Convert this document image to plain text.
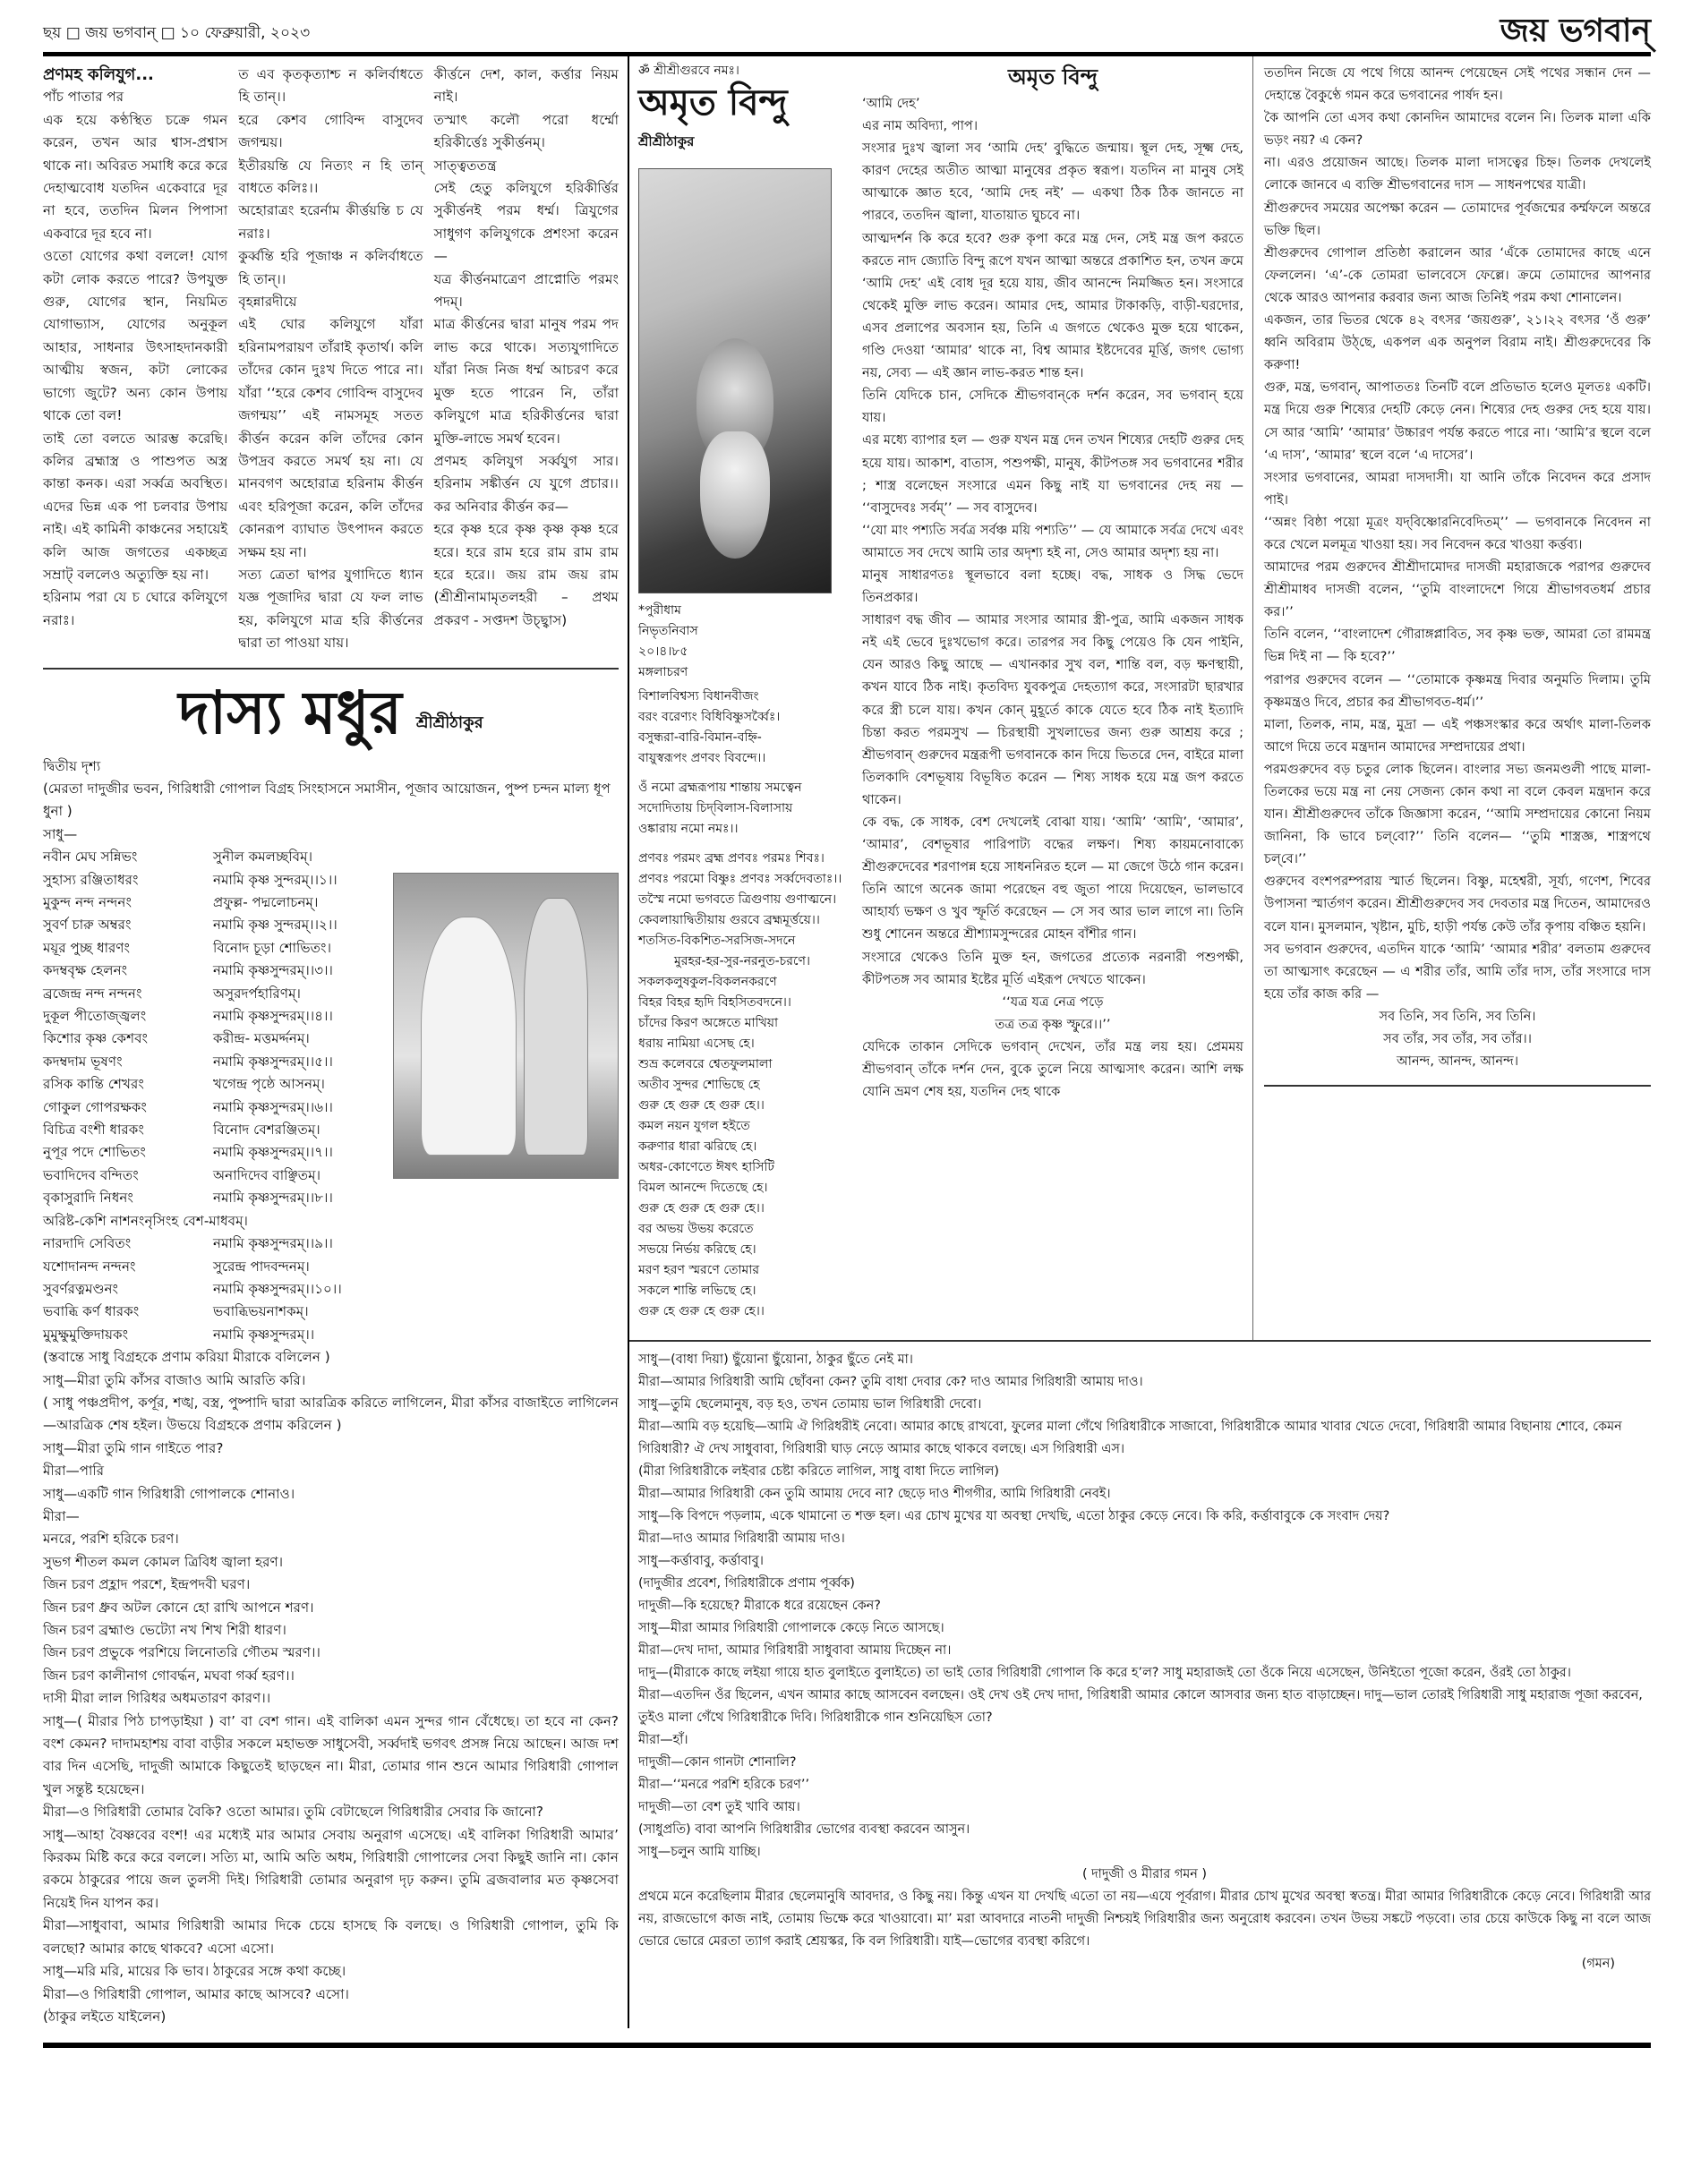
ছয় □ জয় ভগবান্ □ ১০ ফেব্রুয়ারী, ২০২৩	জয় ভগবান্

প্রণমহ কলিযুগ...

পাঁচ পাতার পর

এক হয়ে কণ্ঠস্থিত চক্রে গমন করেন, তখন আর শ্বাস-প্রশ্বাস থাকে না। অবিরত সমাধি করে করে দেহাত্মবোধ যতদিন একেবারে দূর না হবে, ততদিন মিলন পিপাসা একবারে দূর হবে না।

ওতো যোগের কথা বললে! যোগ কটা লোক করতে পারে? উপযুক্ত গুরু, যোগের স্থান, নিয়মিত যোগাভ্যাস, যোগের অনুকূল আহার, সাধনার উৎসাহদানকারী আত্মীয় স্বজন, কটা লোকের ভাগ্যে জুটে? অন্য কোন উপায় থাকে তো বল!

তাই তো বলতে আরম্ভ করেছি। কলির ব্রহ্মাস্ত্র ও পাশুপত অস্ত্র কান্তা কনক। এরা সর্ব্বত্র অবস্থিত। এদের ভিন্ন এক পা চলবার উপায় নাই। এই কামিনী কাঞ্চনের সহায়েই কলি আজ জগতের একচ্ছত্র সম্রাট্ বললেও অত্যুক্তি হয় না।

হরিনাম পরা যে চ ঘোরে কলিযুগে নরাঃ।

ত এব কৃতকৃত্যাশ্চ ন কলির্বাধতে হি তান্।।

হরে কেশব গোবিন্দ বাসুদেব জগন্ময়।

ইতীরয়ন্তি যে নিত্যং ন হি তান্ বাধতে কলিঃ।।

অহোরাত্রং হরের্নাম কীর্ত্তয়ন্তি চ যে নরাঃ।

কুর্ব্বন্তি হরি পূজাঞ্চ ন কলির্বাধতে হি তান্।।

বৃহন্নারদীয়ে

এই ঘোর কলিযুগে যাঁরা হরিনামপরায়ণ তাঁরাই কৃতার্থ। কলি তাঁদের কোন দুঃখ দিতে পারে না। যাঁরা ‘‘হরে কেশব গোবিন্দ বাসুদেব জগন্ময়’’ এই নামসমূহ সতত কীর্ত্তন করেন কলি তাঁদের কোন উপদ্রব করতে সমর্থ হয় না। যে মানবগণ অহোরাত্র হরিনাম কীর্ত্তন এবং হরিপূজা করেন, কলি তাঁদের কোনরূপ ব্যাঘাত উৎপাদন করতে সক্ষম হয় না।

সত্য ত্রেতা দ্বাপর যুগাদিতে ধ্যান যজ্ঞ পূজাদির দ্বারা যে ফল লাভ হয়, কলিযুগে মাত্র হরি কীর্ত্তনের দ্বারা তা পাওয়া যায়।

কীর্ত্তনে দেশ, কাল, কর্ত্তার নিয়ম নাই।

তস্মাৎ কলৌ পরো ধর্ম্মো হরিকীর্ত্তেঃ সুকীর্ত্তনম্।

সাত্ত্বততন্ত্র

সেই হেতু কলিযুগে হরিকীর্ত্তির সুকীর্ত্তনই পরম ধর্ম্ম। ত্রিযুগের সাধুগণ কলিযুগকে প্রশংসা করেন—

যত্র কীর্ত্তনমাত্রেণ প্রাপ্নোতি পরমং পদম্।

মাত্র কীর্ত্তনের দ্বারা মানুষ পরম পদ লাভ করে থাকে। সত্যযুগাদিতে যাঁরা নিজ নিজ ধর্ম্ম আচরণ করে মুক্ত হতে পারেন নি, তাঁরা কলিযুগে মাত্র হরিকীর্ত্তনের দ্বারা মুক্তি-লাভে সমর্থ হবেন।

প্রণমহ কলিযুগ সর্ব্বযুগ সার। হরিনাম সঙ্কীর্ত্তন যে যুগে প্রচার।। কর অনিবার কীর্ত্তন কর—

হরে কৃষ্ণ হরে কৃষ্ণ কৃষ্ণ কৃষ্ণ হরে হরে। হরে রাম হরে রাম রাম রাম হরে হরে।। জয় রাম জয় রাম (শ্রীশ্রীনামামৃতলহরী – প্রথম প্রকরণ - সপ্তদশ উচ্ছ্বাস)

দাস্য মধুর শ্রীশ্রীঠাকুর
দ্বিতীয় দৃশ্য
(মেরতা দাদুজীর ভবন, গিরিধারী গোপাল বিগ্রহ সিংহাসনে সমাসীন, পূজাব আয়োজন, পুষ্প চন্দন মাল্য ধূপ ধুনা )
সাধু—
নবীন মেঘ সন্নিভং	সুনীল কমলচ্ছবিম্।
সুহাস্য রঞ্জিতাধরং	নমামি কৃষ্ণ সুন্দরম্।।১।।
মুকুন্দ নন্দ নন্দনং	প্রফুল্ল- পদ্মলোচনম্।
সুবর্ণ চারু অম্বরং	নমামি কৃষ্ণ সুন্দরম্।।২।।
ময়ূর পুচ্ছ ধারণং	বিনোদ চূড়া শোভিতং।
কদম্ববৃক্ষ হেলনং	নমামি কৃষ্ণসুন্দরম্।।৩।।
ব্রজেন্দ্র নন্দ নন্দনং	অসুরদর্পহারিণম্।
দুকূল পীতোজ্জ্বলং	নমামি কৃষ্ণসুন্দরম্।।৪।।
কিশোর কৃষ্ণ কেশবং	করীন্দ্র- মত্তমর্দ্দনম্।
কদম্বদাম ভূষণং	নমামি কৃষ্ণসুন্দরম্।।৫।।
রসিক কান্তি শেখরং	খগেন্দ্র পৃষ্ঠে আসনম্।
গোকুল গোপরক্ষকং	নমামি কৃষ্ণসুন্দরম্।।৬।।
বিচিত্র বংশী ধারকং	বিনোদ বেশরঞ্জিতম্।
নুপূর পদে শোভিতং	নমামি কৃষ্ণসুন্দরম্।।৭।।
ভবাদিদেব বন্দিতং	অনাদিদেব বাঞ্ছিতম্।
বৃকাসুরাদি নিধনং	নমামি কৃষ্ণসুন্দরম্।।৮।।
অরিষ্ট-কেশি নাশনংনৃসিংহ বেশ-মাধবম্।
নারদাদি সেবিতং	নমামি কৃষ্ণসুন্দরম্।।৯।।
যশোদানন্দ নন্দনং	সুরেন্দ্র পাদবন্দনম্।
সুবর্ণরত্নমণ্ডনং	নমামি কৃষ্ণসুন্দরম্।।১০।।
ভবাব্ধি কর্ণ ধারকং	ভবাব্ধিভয়নাশকম্।
মুমুক্ষুমুক্তিদায়কং	নমামি কৃষ্ণসুন্দরম্।।

(স্তবান্তে সাধু বিগ্রহকে প্রণাম করিয়া মীরাকে বলিলেন )

সাধু—মীরা তুমি কাঁসর বাজাও আমি আরতি করি।

( সাধু পঞ্চপ্রদীপ, কর্পূর, শঙ্খ, বস্ত্র, পুষ্পাদি দ্বারা আরত্রিক করিতে লাগিলেন, মীরা কাঁসর বাজাইতে লাগিলেন—আরত্রিক শেষ হইল। উভয়ে বিগ্রহকে প্রণাম করিলেন )

সাধু—মীরা তুমি গান গাইতে পার?

মীরা—পারি

সাধু—একটি গান গিরিধারী গোপালকে শোনাও।

মীরা—

মনরে, পরশি হরিকে চরণ।

সুভগ শীতল কমল কোমল ত্রিবিধ জ্বালা হরণ।

জিন চরণ প্রহ্লাদ পরশে, ইন্দ্রপদবী ঘরণ।

জিন চরণ ধ্রুব অটল কোনে হো রাখি আপনে শরণ।

জিন চরণ ব্রহ্মাণ্ড ভেট্যো নখ শিখ শিরী ধারণ।

জিন চরণ প্রভুকে পরশিয়ে লিনোতরি গৌতম স্মরণ।।

জিন চরণ কালীনাগ গোবর্দ্ধন, মঘবা গর্ব্ব হরণ।।

দাসী মীরা লাল গিরিধর অধমতারণ কারণ।।

সাধু—( মীরার পিঠ চাপড়াইয়া ) বা’ বা বেশ গান। এই বালিকা এমন সুন্দর গান বেঁধেছে। তা হবে না কেন? বংশ কেমন? দাদামহাশয় বাবা বাড়ীর সকলে মহাভক্ত সাধুসেবী, সর্ব্বদাই ভগবৎ প্রসঙ্গ নিয়ে আছেন। আজ দশ বার দিন এসেছি, দাদুজী আমাকে কিছুতেই ছাড়ছেন না। মীরা, তোমার গান শুনে আমার গিরিধারী গোপাল খুল সন্তুষ্ট হয়েছেন।

মীরা—ও গিরিধারী তোমার বৈকি? ওতো আমার। তুমি বেটাছেলে গিরিধারীর সেবার কি জানো?

সাধু—আহা বৈষ্ণবের বংশ! এর মধ্যেই মার আমার সেবায় অনুরাগ এসেছে। এই বালিকা গিরিধারী আমার’ কিরকম মিষ্টি করে করে বললে। সত্যি মা, আমি অতি অধম, গিরিধারী গোপালের সেবা কিছুই জানি না। কোন রকমে ঠাকুরের পায়ে জল তুলসী দিই। গিরিধারী তোমার অনুরাগ দৃঢ় করুন। তুমি ব্রজবালার মত কৃষ্ণসেবা নিয়েই দিন যাপন কর।

মীরা—সাধুবাবা, আমার গিরিধারী আমার দিকে চেয়ে হাসছে কি বলছে। ও গিরিধারী গোপাল, তুমি কি বলছো? আমার কাছে থাকবে? এসো এসো।

সাধু—মরি মরি, মায়ের কি ভাব। ঠাকুরের সঙ্গে কথা কচ্ছে।

মীরা—ও গিরিধারী গোপাল, আমার কাছে আসবে? এসো।

(ঠাকুর লইতে যাইলেন)

ॐ শ্রীশ্রীগুরবে নমঃ।
অমৃত বিন্দু
শ্রীশ্রীঠাকুর

*পুরীধাম

নিভৃতনিবাস

২০।৪।৮৫

মঙ্গলাচরণ

বিশালবিশ্বস্য বিধানবীজং

বরং বরেণ্যং বিধিবিষ্ণুসর্ব্বৈঃ।

বসুন্ধরা-বারি-বিমান-বহ্নি-

বায়ুস্বরূপং প্রণবং বিবন্দে।।

ওঁ নমো ব্রহ্মরূপায় শান্তায় সমত্বেন

সদোদিতায় চিদ্‌বিলাস-বিলাসায়

ওঙ্কারায় নমো নমঃ।।

প্রণবঃ পরমং ব্রহ্ম প্রণবঃ পরমঃ শিবঃ।

প্রণবঃ পরমো বিষ্ণুঃ প্রণবঃ সর্ব্বদেবতাঃ।।

তস্মৈ নমো ভগবতে ত্রিগুণায় গুণাত্মনে।

কেবলায়াদ্বিতীয়ায় গুরবে ব্রহ্মমূর্ত্তয়ে।।

শতসিত-বিকশিত-সরসিজ-সদনে

মুরহর-হর-সুর-নরনুত-চরণে।

সকলকলুষকুল-বিকলনকরণে

বিহর বিহর হৃদি বিহসিতবদনে।।

চাঁদের কিরণ অঙ্গেতে মাখিয়া

ধরায় নামিয়া এসেছ হে।

শুভ্র কলেবরে শ্বেতফুলমালা

অতীব সুন্দর শোভিছে হে

গুরু হে গুরু হে গুরু হে।।

কমল নয়ন যুগল হইতে

করুণার ধারা ঝরিছে হে।

অধর-কোণেতে ঈষৎ হাসিটি

বিমল আনন্দে দিতেছে হে।

গুরু হে গুরু হে গুরু হে।।

বর অভয় উভয় করেতে

সভয়ে নির্ভয় করিছে হে।

মরণ হরণ স্মরণে তোমার

সকলে শান্তি লভিছে হে।

গুরু হে গুরু হে গুরু হে।।

অমৃত বিন্দু

‘আমি দেহ’

এর নাম অবিদ্যা, পাপ।

সংসার দুঃখ জ্বালা সব ‘আমি দেহ’ বুদ্ধিতে জন্মায়। স্থূল দেহ, সূক্ষ্ম দেহ, কারণ দেহের অতীত আত্মা মানুষের প্রকৃত স্বরূপ। যতদিন না মানুষ সেই আত্মাকে জ্ঞাত হবে, ‘আমি দেহ নই’ — একথা ঠিক ঠিক জানতে না পারবে, ততদিন জ্বালা, যাতায়াত ঘুচবে না।

আত্মদর্শন কি করে হবে? গুরু কৃপা করে মন্ত্র দেন, সেই মন্ত্র জপ করতে করতে নাদ জ্যোতি বিন্দু রূপে যখন আত্মা অন্তরে প্রকাশিত হন, তখন ক্রমে ‘আমি দেহ’ এই বোধ দূর হয়ে যায়, জীব আনন্দে নিমজ্জিত হন। সংসারে থেকেই মুক্তি লাভ করেন। আমার দেহ, আমার টাকাকড়ি, বাড়ী-ঘরদোর, এসব প্রলাপের অবসান হয়, তিনি এ জগতে থেকেও মুক্ত হয়ে থাকেন, গণ্ডি দেওয়া ‘আমার’ থাকে না, বিশ্ব আমার ইষ্টদেবের মূর্ত্তি, জগৎ ভোগ্য নয়, সেব্য — এই জ্ঞান লাভ-করত শান্ত হন।

তিনি যেদিকে চান, সেদিকে শ্রীভগবান্‌কে দর্শন করেন, সব ভগবান্ হয়ে যায়।

এর মধ্যে ব্যাপার হল — গুরু যখন মন্ত্র দেন তখন শিষ্যের দেহটি গুরুর দেহ হয়ে যায়। আকাশ, বাতাস, পশুপক্ষী, মানুষ, কীটপতঙ্গ সব ভগবানের শরীর ; শাস্ত্র বলেছেন সংসারে এমন কিছু নাই যা ভগবানের দেহ নয় — ‘‘বাসুদেবঃ সর্বম্’’ — সব বাসুদেব।

‘‘যো মাং পশ্যতি সর্বত্র সর্বঞ্চ ময়ি পশ্যতি’’ — যে আমাকে সর্বত্র দেখে এবং আমাতে সব দেখে আমি তার অদৃশ্য হই না, সেও আমার অদৃশ্য হয় না।

মানুষ সাধারণতঃ স্থূলভাবে বলা হচ্ছে। বদ্ধ, সাধক ও সিদ্ধ ভেদে তিনপ্রকার।

সাধারণ বদ্ধ জীব — আমার সংসার আমার স্ত্রী-পুত্র, আমি একজন সাধক নই এই ভেবে দুঃখভোগ করে। তারপর সব কিছু পেয়েও কি যেন পাইনি, যেন আরও কিছু আছে — এখানকার সুখ বল, শান্তি বল, বড় ক্ষণস্থায়ী, কখন যাবে ঠিক নাই। কৃতবিদ্য যুবকপুত্র দেহত্যাগ করে, সংসারটা ছারখার করে স্ত্রী চলে যায়। কখন কোন্ মুহূর্তে কাকে যেতে হবে ঠিক নাই ইত্যাদি চিন্তা করত পরমসুখ — চিরস্থায়ী সুখলাভের জন্য গুরু আশ্রয় করে ; শ্রীভগবান্ গুরুদেব মন্ত্ররূপী ভগবানকে কান দিয়ে ভিতরে দেন, বাইরে মালা তিলকাদি বেশভূষায় বিভূষিত করেন — শিষ্য সাধক হয়ে মন্ত্র জপ করতে থাকেন।

কে বদ্ধ, কে সাধক, বেশ দেখলেই বোঝা যায়। ‘আমি’ ‘আমি’, ‘আমার’, ‘আমার’, বেশভূষার পারিপাট্য বদ্ধের লক্ষণ। শিষ্য কায়মনোবাক্যে শ্রীগুরুদেবের শরণাপন্ন হয়ে সাধননিরত হলে — মা জেগে উঠে গান করেন। তিনি আগে অনেক জামা পরেছেন বহু জুতা পায়ে দিয়েছেন, ভালভাবে আহার্য্য ভক্ষণ ও খুব স্ফূর্তি করেছেন — সে সব আর ভাল লাগে না। তিনি শুধু শোনেন অন্তরে শ্রীশ্যামসুন্দরের মোহন বাঁশীর গান।

সংসারে থেকেও তিনি মুক্ত হন, জগতের প্রত্যেক নরনারী পশুপক্ষী, কীটপতঙ্গ সব আমার ইষ্টের মূর্তি এইরূপ দেখতে থাকেন।

‘‘যত্র যত্র নেত্র পড়ে

তত্র তত্র কৃষ্ণ স্ফুরে।।’’

যেদিকে তাকান সেদিকে ভগবান্ দেখেন, তাঁর মন্ত্র লয় হয়। প্রেমময় শ্রীভগবান্ তাঁকে দর্শন দেন, বুকে তুলে নিয়ে আত্মসাৎ করেন। আশি লক্ষ যোনি ভ্রমণ শেষ হয়, যতদিন দেহ থাকে

ততদিন নিজে যে পথে গিয়ে আনন্দ পেয়েছেন সেই পথের সন্ধান দেন — দেহান্তে বৈকুণ্ঠে গমন করে ভগবানের পার্ষদ হন।

কৈ আপনি তো এসব কথা কোনদিন আমাদের বলেন নি। তিলক মালা একি ভড়ং নয়? এ কেন?

না। এরও প্রয়োজন আছে। তিলক মালা দাসত্বের চিহ্ন। তিলক দেখলেই লোকে জানবে এ ব্যক্তি শ্রীভগবানের দাস — সাধনপথের যাত্রী।

শ্রীগুরুদেব সময়ের অপেক্ষা করেন — তোমাদের পূর্বজন্মের কর্ম্মফলে অন্তরে ভক্তি ছিল।

শ্রীগুরুদেব গোপাল প্রতিষ্ঠা করালেন আর ‘এঁকে তোমাদের কাছে এনে ফেললেন। ‘এ’-কে তোমরা ভালবেসে ফেল্লে। ক্রমে তোমাদের আপনার থেকে আরও আপনার করবার জন্য আজ তিনিই পরম কথা শোনালেন।

একজন, তার ভিতর থেকে ৪২ বৎসর ‘জয়গুরু’, ২১।২২ বৎসর ‘ওঁ গুরু’ ধ্বনি অবিরাম উঠ্‌ছে, একপল এক অনুপল বিরাম নাই। শ্রীগুরুদেবের কি করুণা!

গুরু, মন্ত্র, ভগবান্, আপাততঃ তিনটি বলে প্রতিভাত হলেও মূলতঃ একটি। মন্ত্র দিয়ে গুরু শিষ্যের দেহটি কেড়ে নেন। শিষ্যের দেহ গুরুর দেহ হয়ে যায়। সে আর ‘আমি’ ‘আমার’ উচ্চারণ পর্যন্ত করতে পারে না। ‘আমি’র স্থলে বলে ‘এ দাস’, ‘আমার’ স্থলে বলে ‘এ দাসের’।

সংসার ভগবানের, আমরা দাসদাসী। যা আনি তাঁকে নিবেদন করে প্রসাদ পাই।

‘‘অন্নং বিষ্ঠা পয়ো মূত্রং যদ্‌বিষ্ণোরনিবেদিতম্’’ — ভগবানকে নিবেদন না করে খেলে মলমূত্র খাওয়া হয়। সব নিবেদন করে খাওয়া কর্ত্তব্য।

আমাদের পরম গুরুদেব শ্রীশ্রীদামোদর দাসজী মহারাজকে পরাপর গুরুদেব শ্রীশ্রীমাধব দাসজী বলেন, ‘‘তুমি বাংলাদেশে গিয়ে শ্রীভাগবতধর্ম প্রচার কর।’’

তিনি বলেন, ‘‘বাংলাদেশ গৌরাঙ্গপ্লাবিত, সব কৃষ্ণ ভক্ত, আমরা তো রামমন্ত্র ভিন্ন দিই না — কি হবে?’’

পরাপর গুরুদেব বলেন — ‘‘তোমাকে কৃষ্ণমন্ত্র দিবার অনুমতি দিলাম। তুমি কৃষ্ণমন্ত্রও দিবে, প্রচার কর শ্রীভাগবত-ধর্ম।’’

মালা, তিলক, নাম, মন্ত্র, মুদ্রা — এই পঞ্চসংস্কার করে অর্থাৎ মালা-তিলক আগে দিয়ে তবে মন্ত্রদান আমাদের সম্প্রদায়ের প্রথা।

পরমগুরুদেব বড় চতুর লোক ছিলেন। বাংলার সভ্য জনমণ্ডলী পাছে মালা-তিলকের ভয়ে মন্ত্র না নেয় সেজন্য কোন কথা না বলে কেবল মন্ত্রদান করে যান। শ্রীশ্রীগুরুদেব তাঁকে জিজ্ঞাসা করেন, ‘‘আমি সম্প্রদায়ের কোনো নিয়ম জানিনা, কি ভাবে চল্‌বো?’’ তিনি বলেন— ‘‘তুমি শাস্ত্রজ্ঞ, শাস্ত্রপথে চল্‌বে।’’

গুরুদেব বংশপরম্পরায় স্মার্ত ছিলেন। বিষ্ণু, মহেশ্বরী, সূর্য্য, গণেশ, শিবের উপাসনা স্মার্তগণ করেন। শ্রীশ্রীগুরুদেব সব দেবতার মন্ত্র দিতেন, আমাদেরও বলে যান। মুসলমান, খৃষ্টান, মুচি, হাড়ী পর্যন্ত কেউ তাঁর কৃপায় বঞ্চিত হয়নি।

সব ভগবান গুরুদেব, এতদিন যাকে ‘আমি’ ‘আমার শরীর’ বলতাম গুরুদেব তা আত্মসাৎ করেছেন — এ শরীর তাঁর, আমি তাঁর দাস, তাঁর সংসারে দাস হয়ে তাঁর কাজ করি —

সব তিনি, সব তিনি, সব তিনি।

সব তাঁর, সব তাঁর, সব তাঁর।।

আনন্দ, আনন্দ, আনন্দ।

সাধু—(বাধা দিয়া) ছুঁয়োনা ছুঁয়োনা, ঠাকুর ছুঁতে নেই মা।

মীরা—আমার গিরিধারী আমি ছোঁবনা কেন? তুমি বাধা দেবার কে? দাও আমার গিরিধারী আমায় দাও।

সাধু—তুমি ছেলেমানুষ, বড় হও, তখন তোমায় ভাল গিরিধারী দেবো।

মীরা—আমি বড় হয়েছি—আমি ঐ গিরিধরীই নেবো। আমার কাছে রাখবো, ফুলের মালা গেঁথে গিরিধারীকে সাজাবো, গিরিধারীকে আমার খাবার খেতে দেবো, গিরিধারী আমার বিছানায় শোবে, কেমন গিরিধারী? ঐ দেখ সাধুবাবা, গিরিধারী ঘাড় নেড়ে আমার কাছে থাকবে বলছে। এস গিরিধারী এস।

(মীরা গিরিধারীকে লইবার চেষ্টা করিতে লাগিল, সাধু বাধা দিতে লাগিল)

মীরা—আমার গিরিধারী কেন তুমি আমায় দেবে না? ছেড়ে দাও শীগগীর, আমি গিরিধারী নেবই।

সাধু—কি বিপদে পড়লাম, একে থামানো ত শক্ত হল। এর চোখ মুখের যা অবস্থা দেখছি, এতো ঠাকুর কেড়ে নেবে। কি করি, কর্ত্তাবাবুকে কে সংবাদ দেয়?

মীরা—দাও আমার গিরিধারী আমায় দাও।

সাধু—কর্ত্তাবাবু, কর্ত্তাবাবু।

(দাদুজীর প্রবেশ, গিরিধারীকে প্রণাম পূর্ব্বক)

দাদুজী—কি হয়েছে? মীরাকে ধরে রয়েছেন কেন?

সাধু—মীরা আমার গিরিধারী গোপালকে কেড়ে নিতে আসছে।

মীরা—দেখ দাদা, আমার গিরিধারী সাধুবাবা আমায় দিচ্ছেন না।

দাদু—(মীরাকে কাছে লইয়া গায়ে হাত বুলাইতে বুলাইতে) তা ভাই তোর গিরিধারী গোপাল কি করে হ’ল? সাধু মহারাজই তো ওঁকে নিয়ে এসেছেন, উনিইতো পূজো করেন, ওঁরই তো ঠাকুর।

মীরা—এতদিন ওঁর ছিলেন, এখন আমার কাছে আসবেন বলছেন। ওই দেখ ওই দেখ দাদা, গিরিধারী আমার কোলে আসবার জন্য হাত বাড়াচ্ছেন। দাদু—ভাল তোরই গিরিধারী সাধু মহারাজ পূজা করবেন, তুইও মালা গেঁথে গিরিধারীকে দিবি। গিরিধারীকে গান শুনিয়েছিস তো?

মীরা—হাঁ।

দাদুজী—কোন গানটা শোনালি?

মীরা—‘‘মনরে পরশি হরিকে চরণ’’

দাদুজী—তা বেশ তুই খাবি আয়।

(সাধুপ্রতি) বাবা আপনি গিরিধারীর ভোগের ব্যবস্থা করবেন আসুন।

সাধু—চলুন আমি যাচ্ছি।

( দাদুজী ও মীরার গমন )

প্রথমে মনে করেছিলাম মীরার ছেলেমানুষি আবদার, ও কিছু নয়। কিন্তু এখন যা দেখছি এতো তা নয়—এযে পূর্বরাগ। মীরার চোখ মুখের অবস্থা স্বতন্ত্র। মীরা আমার গিরিধারীকে কেড়ে নেবে। গিরিধারী আর নয়, রাজভোগে কাজ নাই, তোমায় ভিক্ষে করে খাওয়াবো। মা’ মরা আবদারে নাতনী দাদুজী নিশ্চয়ই গিরিধারীর জন্য অনুরোধ করবেন। তখন উভয় সঙ্কটে পড়বো। তার চেয়ে কাউকে কিছু না বলে আজ ভোরে ভোরে মেরতা ত্যাগ করাই শ্রেয়স্কর, কি বল গিরিধারী। যাই—ভোগের ব্যবস্থা করিগে।

(গমন)
